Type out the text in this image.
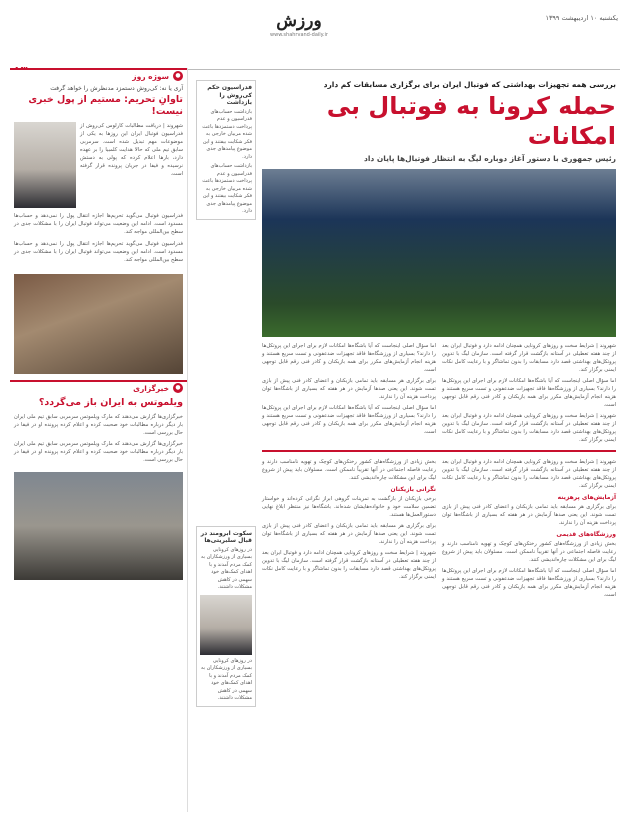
یکشنبه ۱۰ اردیبهشت ۱۳۹۹
ورزش
www.shahrvand-daily.ir
●
سوژه روز
آری یا نه: کی‌روش دستمزد مدنظرش را خواهد گرفت
تاوانِ تحریم: مستیم از پول خبری نیست!
شهروند | دریافت مطالبات کارلوس کی‌روش از فدراسیون فوتبال ایران این روزها به یکی از موضوعات مهم تبدیل شده است. سرمربی سابق تیم ملی که حالا هدایت کلمبیا را بر عهده دارد، بارها اعلام کرده که پولی به دستش نرسیده و فیفا در جریان پرونده قرار گرفته است.
فدراسیون فوتبال می‌گوید تحریم‌ها اجازه انتقال پول را نمی‌دهد و حساب‌ها مسدود است. ادامه این وضعیت می‌تواند فوتبال ایران را با مشکلات جدی در سطح بین‌المللی مواجه کند.
فدراسیون فوتبال می‌گوید تحریم‌ها اجازه انتقال پول را نمی‌دهد و حساب‌ها مسدود است. ادامه این وضعیت می‌تواند فوتبال ایران را با مشکلات جدی در سطح بین‌المللی مواجه کند.
●
خبرگزاری
ویلموتس به ایران باز می‌گردد؟
خبرگزاری‌ها گزارش می‌دهند که مارک ویلموتس سرمربی سابق تیم ملی ایران بار دیگر درباره مطالبات خود صحبت کرده و اعلام کرده پرونده او در فیفا در حال بررسی است.
خبرگزاری‌ها گزارش می‌دهند که مارک ویلموتس سرمربی سابق تیم ملی ایران بار دیگر درباره مطالبات خود صحبت کرده و اعلام کرده پرونده او در فیفا در حال بررسی است.
فدراسیون حکم کی‌روش را بازداشت
بازداشت حساب‌های فدراسیون و عدم پرداخت دستمزدها باعث شده مربیان خارجی به فکر شکایت بیفتند و این موضوع پیامدهای جدی دارد.
بازداشت حساب‌های فدراسیون و عدم پرداخت دستمزدها باعث شده مربیان خارجی به فکر شکایت بیفتند و این موضوع پیامدهای جدی دارد.
سکوت ابرومند در قبال سلبریتی‌ها
در روزهای کرونایی بسیاری از ورزشکاران به کمک مردم آمدند و با اهدای کمک‌های خود سهمی در کاهش مشکلات داشتند.
در روزهای کرونایی بسیاری از ورزشکاران به کمک مردم آمدند و با اهدای کمک‌های خود سهمی در کاهش مشکلات داشتند.
بررسی همه تجهیزات بهداشتی که فوتبال ایران برای برگزاری مسابقات کم دارد
حمله کرونا به فوتبال بی امکانات
رئیس جمهوری با دستور آغاز دوباره لیگ به انتظار فوتبال‌ها پایان داد
شهروند | شرایط سخت و روزهای کرونایی همچنان ادامه دارد و فوتبال ایران بعد از چند هفته تعطیلی در آستانه بازگشت قرار گرفته است. سازمان لیگ با تدوین پروتکل‌های بهداشتی قصد دارد مسابقات را بدون تماشاگر و با رعایت کامل نکات ایمنی برگزار کند.
اما سؤال اصلی اینجاست که آیا باشگاه‌ها امکانات لازم برای اجرای این پروتکل‌ها را دارند؟ بسیاری از ورزشگاه‌ها فاقد تجهیزات ضدعفونی و تست سریع هستند و هزینه انجام آزمایش‌های مکرر برای همه بازیکنان و کادر فنی رقم قابل توجهی است.
شهروند | شرایط سخت و روزهای کرونایی همچنان ادامه دارد و فوتبال ایران بعد از چند هفته تعطیلی در آستانه بازگشت قرار گرفته است. سازمان لیگ با تدوین پروتکل‌های بهداشتی قصد دارد مسابقات را بدون تماشاگر و با رعایت کامل نکات ایمنی برگزار کند.
اما سؤال اصلی اینجاست که آیا باشگاه‌ها امکانات لازم برای اجرای این پروتکل‌ها را دارند؟ بسیاری از ورزشگاه‌ها فاقد تجهیزات ضدعفونی و تست سریع هستند و هزینه انجام آزمایش‌های مکرر برای همه بازیکنان و کادر فنی رقم قابل توجهی است.
برای برگزاری هر مسابقه باید تمامی بازیکنان و اعضای کادر فنی پیش از بازی تست شوند. این یعنی صدها آزمایش در هر هفته که بسیاری از باشگاه‌ها توان پرداخت هزینه آن را ندارند.
اما سؤال اصلی اینجاست که آیا باشگاه‌ها امکانات لازم برای اجرای این پروتکل‌ها را دارند؟ بسیاری از ورزشگاه‌ها فاقد تجهیزات ضدعفونی و تست سریع هستند و هزینه انجام آزمایش‌های مکرر برای همه بازیکنان و کادر فنی رقم قابل توجهی است.
شهروند | شرایط سخت و روزهای کرونایی همچنان ادامه دارد و فوتبال ایران بعد از چند هفته تعطیلی در آستانه بازگشت قرار گرفته است. سازمان لیگ با تدوین پروتکل‌های بهداشتی قصد دارد مسابقات را بدون تماشاگر و با رعایت کامل نکات ایمنی برگزار کند.
آزمایش‌های پرهزینه
برای برگزاری هر مسابقه باید تمامی بازیکنان و اعضای کادر فنی پیش از بازی تست شوند. این یعنی صدها آزمایش در هر هفته که بسیاری از باشگاه‌ها توان پرداخت هزینه آن را ندارند.
ورزشگاه‌های قدیمی
بخش زیادی از ورزشگاه‌های کشور رختکن‌های کوچک و تهویه نامناسب دارند و رعایت فاصله اجتماعی در آنها تقریباً ناممکن است. مسئولان باید پیش از شروع لیگ برای این مشکلات چاره‌اندیشی کنند.
اما سؤال اصلی اینجاست که آیا باشگاه‌ها امکانات لازم برای اجرای این پروتکل‌ها را دارند؟ بسیاری از ورزشگاه‌ها فاقد تجهیزات ضدعفونی و تست سریع هستند و هزینه انجام آزمایش‌های مکرر برای همه بازیکنان و کادر فنی رقم قابل توجهی است.
بخش زیادی از ورزشگاه‌های کشور رختکن‌های کوچک و تهویه نامناسب دارند و رعایت فاصله اجتماعی در آنها تقریباً ناممکن است. مسئولان باید پیش از شروع لیگ برای این مشکلات چاره‌اندیشی کنند.
نگرانی بازیکنان
برخی بازیکنان از بازگشت به تمرینات گروهی ابراز نگرانی کرده‌اند و خواستار تضمین سلامت خود و خانواده‌هایشان شده‌اند. باشگاه‌ها نیز منتظر ابلاغ نهایی دستورالعمل‌ها هستند.
برای برگزاری هر مسابقه باید تمامی بازیکنان و اعضای کادر فنی پیش از بازی تست شوند. این یعنی صدها آزمایش در هر هفته که بسیاری از باشگاه‌ها توان پرداخت هزینه آن را ندارند.
شهروند | شرایط سخت و روزهای کرونایی همچنان ادامه دارد و فوتبال ایران بعد از چند هفته تعطیلی در آستانه بازگشت قرار گرفته است. سازمان لیگ با تدوین پروتکل‌های بهداشتی قصد دارد مسابقات را بدون تماشاگر و با رعایت کامل نکات ایمنی برگزار کند.
